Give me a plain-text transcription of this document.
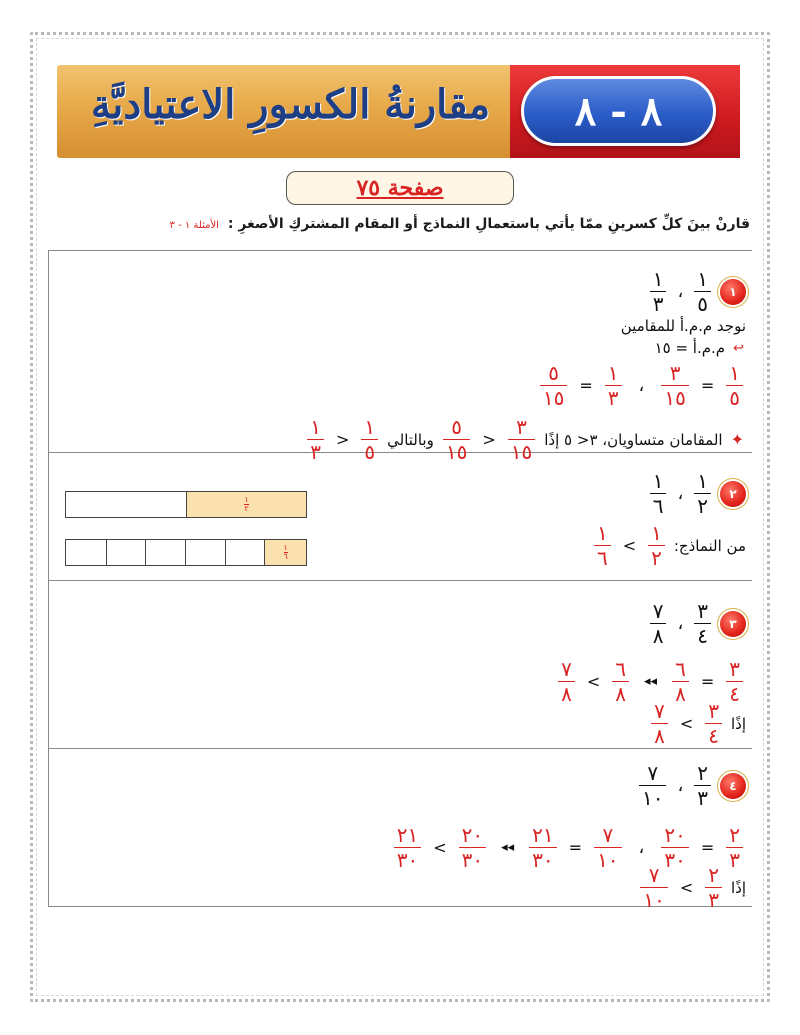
٨ - ٨
مقارنةُ الكسورِ الاعتياديَّةِ
صفحة ٧٥
قارنْ بينَ كلِّ كسرينِ ممّا يأتي باستعمالِ النماذج أو المقام المشتركِ الأصغرِ : الأمثلة ١ - ٣
١
$\frac{١}{٥}$
،
$\frac{١}{٣}$
نوجد م.م.أ للمقامين
↩
م.م.أ = ١٥
$\frac{١}{٥}$
=
$\frac{٣}{١٥}$
،
$\frac{١}{٣}$
=
$\frac{٥}{١٥}$
✦
المقامان متساويان، ٣< ٥ إذًا
$\frac{٣}{١٥}$
<
$\frac{٥}{١٥}$
وبالتالي
$\frac{١}{٥}$
<
$\frac{١}{٣}$
٢
$\frac{١}{٢}$
،
$\frac{١}{٦}$
من النماذج:
$\frac{١}{٢}$
>
$\frac{١}{٦}$
$\frac{١}{٢}$
$\frac{١}{٦}$
٣
$\frac{٣}{٤}$
،
$\frac{٧}{٨}$
$\frac{٣}{٤}$
=
$\frac{٦}{٨}$
◂◂
$\frac{٦}{٨}$
>
$\frac{٧}{٨}$
إذًا
$\frac{٣}{٤}$
>
$\frac{٧}{٨}$
٤
$\frac{٢}{٣}$
،
$\frac{٧}{١٠}$
$\frac{٢}{٣}$
=
$\frac{٢٠}{٣٠}$
،
$\frac{٧}{١٠}$
=
$\frac{٢١}{٣٠}$
◂◂
$\frac{٢٠}{٣٠}$
>
$\frac{٢١}{٣٠}$
إذًا
$\frac{٢}{٣}$
>
$\frac{٧}{١٠}$
